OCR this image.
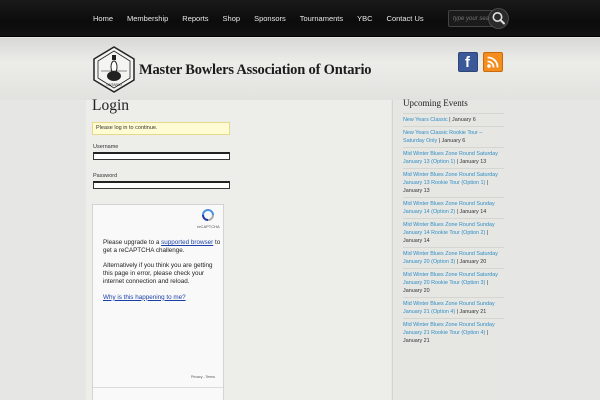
Home	Membership	Reports	Shop	Sponsors	Tournaments	YBC	Contact Us
type your search
ONTARIO
Master Bowlers Association of Ontario	f
Login
Please log in to continue.
Username
Password
reCAPTCHA

Please upgrade to a supported browser to get a reCAPTCHA challenge.

Alternatively if you think you are getting this page in error, please check your internet connection and reload.

Why is this happening to me?

Privacy - Terms
Upcoming Events
New Years Classic | January 6
New Years Classic Rookie Tour – Saturday Only | January 6
Mid Winter Blues Zone Round Saturday January 13 (Option 1) | January 13
Mid Winter Blues Zone Round Saturday January 13 Rookie Tour (Option 1) | January 13
Mid Winter Blues Zone Round Sunday January 14 (Option 2) | January 14
Mid Winter Blues Zone Round Sunday January 14 Rookie Tour (Option 2) | January 14
Mid Winter Blues Zone Round Saturday January 20 (Option 3) | January 20
Mid Winter Blues Zone Round Saturday January 20 Rookie Tour (Option 3) | January 20
Mid Winter Blues Zone Round Sunday January 21 (Option 4) | January 21
Mid Winter Blues Zone Round Sunday January 21 Rookie Tour (Option 4) | January 21
